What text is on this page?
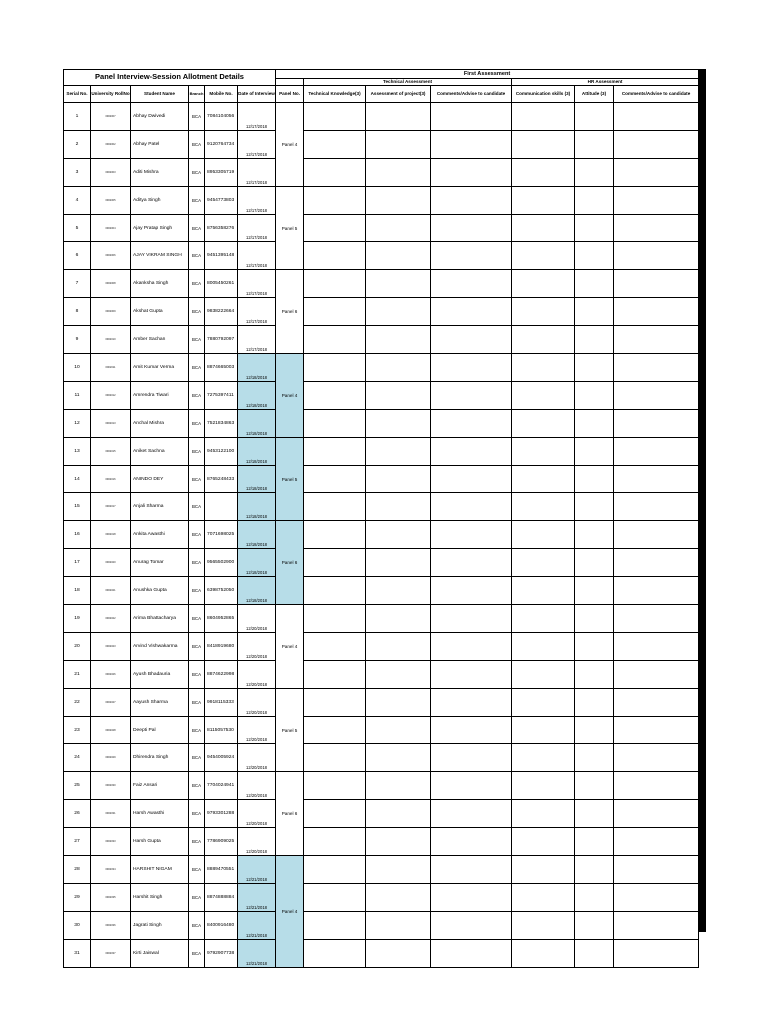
Panel Interview-Session Allotment Details						First Assessment						
							Technical Assessment			HR Assessment		

Serial No.	University RollNo	Student Name	Branch	Mobile No.	Date of Interview	Panel No.	Technical Knowledge(3)	Assessment of project(3)	Comments/Advise to candidate	Communication skills (3)	Attitude (3)	Comments/Advise to candidate
1	0902007	Abhay Dwivedi	BCA	7084104056	12/17/2018	Panel 4						
2	0902002	Abhay Patel	BCA	9120764734	12/17/2018							
3	0902003	Aditi Mishra	BCA	8953305719	12/17/2018							
4	0902005	Aditya Singh	BCA	9454773803	12/17/2018	Panel 5						
5	0902004	Ajay Pratap Singh	BCA	8756358276	12/17/2018							
6	0902006	AJAY VIKRAM SINGH	BCA	9451395148	12/17/2018							
7	0902008	Akanksha Singh	BCA	8005450261	12/17/2018	Panel 6						
8	0902009	Akshat Gupta	BCA	9838222664	12/17/2018							
9	0902010	Amber Sachan	BCA	7880792097	12/17/2018							
10	0902011	Amit Kumar Verma	BCA	8874665003	12/18/2018	Panel 4						
11	0902012	Amrendra Tiwari	BCA	7275397411	12/18/2018							
12	0902013	Anchal Mishra	BCA	7521834863	12/18/2018							
13	0902015	Aniket Sachna	BCA	9453122100	12/18/2018	Panel 5						
14	0902016	ANINDO DEY	BCA	8765248433	12/18/2018							
15	0902017	Anjali Sharma	BCA		12/18/2018							
16	0902018	Ankita Awasthi	BCA	7071698025	12/18/2018	Panel 6						
17	0902020	Anurag Tomar	BCA	9565502900	12/18/2018							
18	0902021	Anushka Gupta	BCA	6398752050	12/18/2018							
19	0902022	Arima Bhattacharya	BCA	8604952865	12/20/2018	Panel 4						
20	0902023	Arvind Vishwakarma	BCA	8418919680	12/20/2018							
21	0902026	Ayush Bhadauria	BCA	8874622998	12/20/2018							
22	0902027	Aayush Sharma	BCA	9918115333	12/20/2018	Panel 5						
23	0902028	Deepti Pal	BCA	8115057530	12/20/2018							
24	0902029	Dhirendra Singh	BCA	9454005924	12/20/2018							
25	0902030	Faiz Ansari	BCA	7704024941	12/20/2018	Panel 6						
26	0902031	Harsh Awasthi	BCA	9793301288	12/20/2018							
27	0902033	Harsh Gupta	BCA	7786909025	12/20/2018							
28	0902034	HARSHIT NIGAM	BCA	8889470551	12/21/2018	Panel 4						
29	0902035	Harshit Singh	BCA	8874888884	12/21/2018							
30	0902036	Jagrati Singh	BCA	8400916480	12/21/2018							
31	0902037	Kirti Jaiswal	BCA	9792907738	12/21/2018							
